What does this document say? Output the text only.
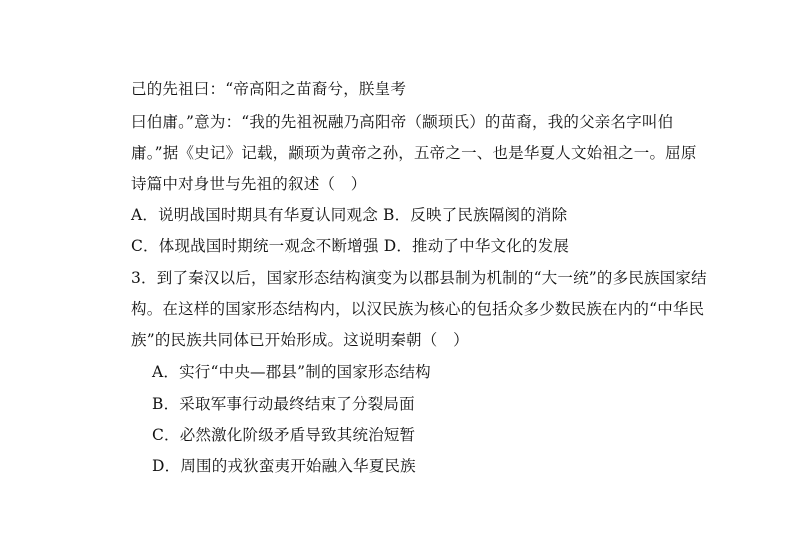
己的先祖曰：“帝高阳之苗裔兮，朕皇考
曰伯庸。”意为：“我的先祖祝融乃高阳帝（颛顼氏）的苗裔，我的父亲名字叫伯
庸。”据《史记》记载，颛顼为黄帝之孙，五帝之一、也是华夏人文始祖之一。屈原
诗篇中对身世与先祖的叙述（　）
A．说明战国时期具有华夏认同观念 B．反映了民族隔阂的消除
C．体现战国时期统一观念不断增强 D．推动了中华文化的发展
3．到了秦汉以后，国家形态结构演变为以郡县制为机制的“大一统”的多民族国家结
构。在这样的国家形态结构内，以汉民族为核心的包括众多少数民族在内的“中华民
族”的民族共同体已开始形成。这说明秦朝（　）
A．实行“中央—郡县”制的国家形态结构
B．采取军事行动最终结束了分裂局面
C．必然激化阶级矛盾导致其统治短暂
D．周围的戎狄蛮夷开始融入华夏民族
